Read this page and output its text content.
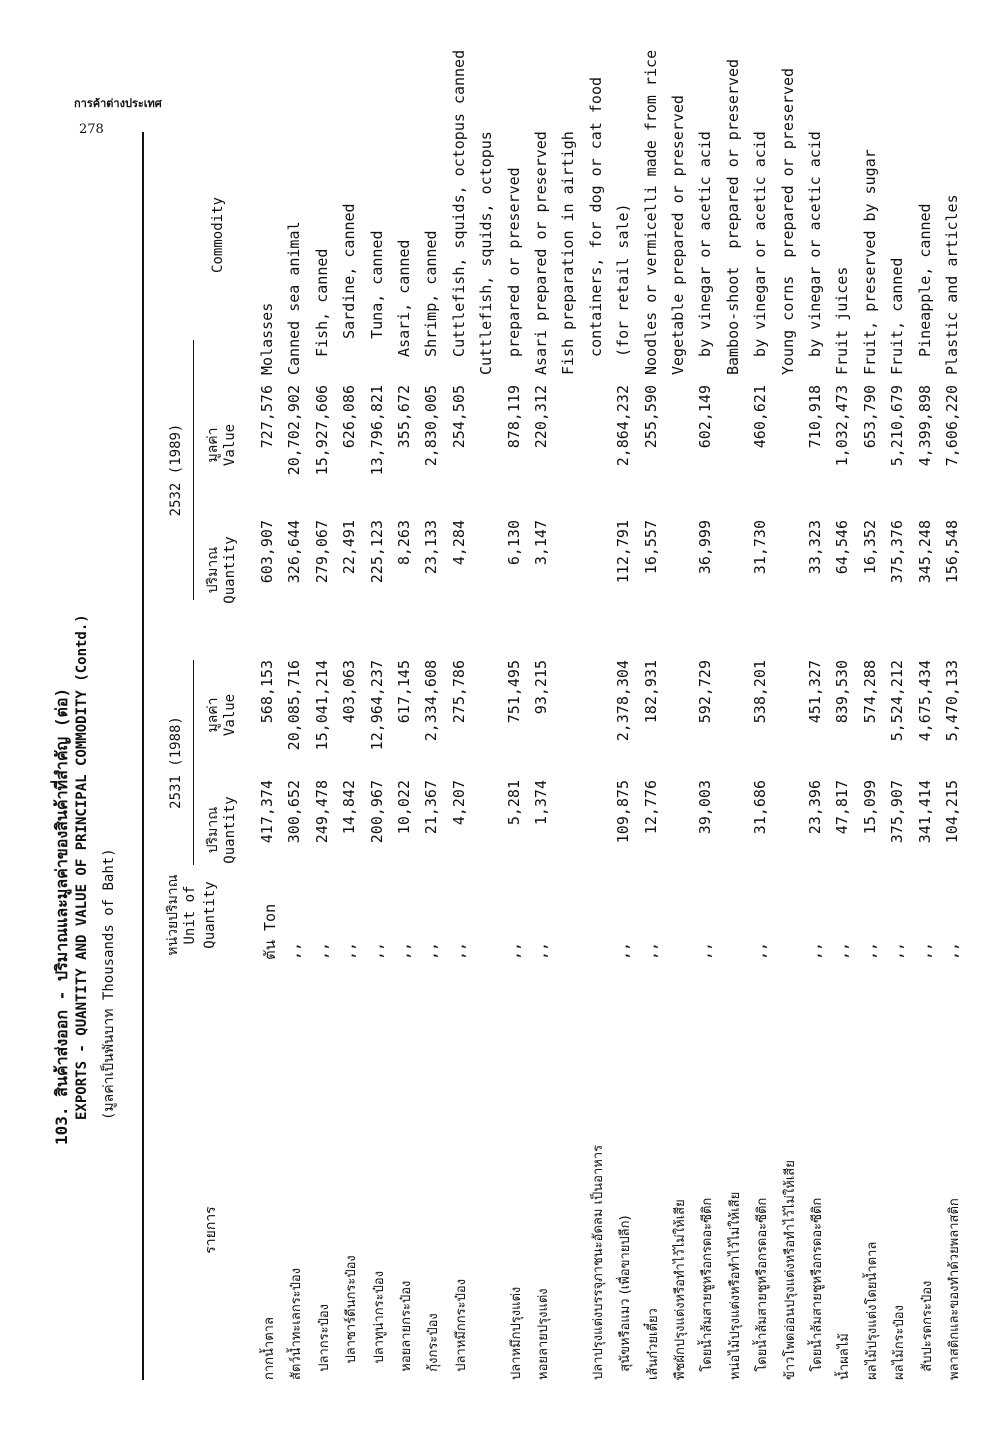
การค้าต่างประเทศ
278
103. สินค้าส่งออก - ปริมาณและมูลค่าของสินค้าที่สำคัญ (ต่อ) EXPORTS - QUANTITY AND VALUE OF PRINCIPAL COMMODITY (Contd.) (มูลค่าเป็นพันบาท Thousands of Baht)
รายการ
หน่วยปริมาณ Unit of Quantity
2531 (1988)
2532 (1989)
ปริมาณ Quantity
มูลค่า Value
ปริมาณ Quantity
มูลค่า Value
Commodity
กากน้ำตาล
ตัน Ton
417,374
568,153
603,907
727,576
Molasses
สัตว์น้ำทะเลกระป๋อง
,,
300,652
20,085,716
326,644
20,702,902
Canned sea animal
ปลากระป๋อง
,,
249,478
15,041,214
279,067
15,927,606
Fish, canned
ปลาซาร์ดีนกระป๋อง
,,
14,842
403,063
22,491
626,086
Sardine, canned
ปลาทูน่ากระป๋อง
,,
200,967
12,964,237
225,123
13,796,821
Tuna, canned
หอยลายกระป๋อง
,,
10,022
617,145
8,263
355,672
Asari, canned
กุ้งกระป๋อง
,,
21,367
2,334,608
23,133
2,830,005
Shrimp, canned
ปลาหมึกกระป๋อง
,,
4,207
275,786
4,284
254,505
Cuttlefish, squids, octopus canned Cuttlefish, squids, octopus
ปลาหมึกปรุงแต่ง
,,
5,281
751,495
6,130
878,119
prepared or preserved
หอยลายปรุงแต่ง
,,
1,374
93,215
3,147
220,312
Asari prepared or preserved Fish preparation in airtigh
ปลาปรุงแต่งบรรจุภาชนะอัดลม เป็นอาหาร
containers, for dog or cat food
สุนัขหรือแมว (เพื่อขายปลีก)
,,
109,875
2,378,304
112,791
2,864,232
(for retail sale)
เส้นก๋วยเตี๋ยว
,,
12,776
182,931
16,557
255,590
Noodles or vermicelli made from rice
พืชผักปรุงแต่งหรือทำไว้ไม่ให้เสีย
Vegetable prepared or preserved
โดยน้ำส้มสายชูหรือกรดอะซีติก
,,
39,003
592,729
36,999
602,149
by vinegar or acetic acid
หน่อไม้ปรุงแต่งหรือทำไว้ไม่ให้เสีย
Bamboo-shoot  prepared or preserved
โดยน้ำส้มสายชูหรือกรดอะซีติก
,,
31,686
538,201
31,730
460,621
by vinegar or acetic acid
ข้าวโพดอ่อนปรุงแต่งหรือทำไว้ไม่ให้เสีย
Young corns  prepared or preserved
โดยน้ำส้มสายชูหรือกรดอะซีติก
,,
23,396
451,327
33,323
710,918
by vinegar or acetic acid
น้ำผลไม้
,,
47,817
839,530
64,546
1,032,473
Fruit juices
ผลไม้ปรุงแต่งโดยน้ำตาล
,,
15,099
574,288
16,352
653,790
Fruit, preserved by sugar
ผลไม้กระป๋อง
,,
375,907
5,524,212
375,376
5,210,679
Fruit, canned
สับปะรดกระป๋อง
,,
341,414
4,675,434
345,248
4,399,898
Pineapple, canned
พลาสติกและของทำด้วยพลาสติก
,,
104,215
5,470,133
156,548
7,606,220
Plastic and articles
